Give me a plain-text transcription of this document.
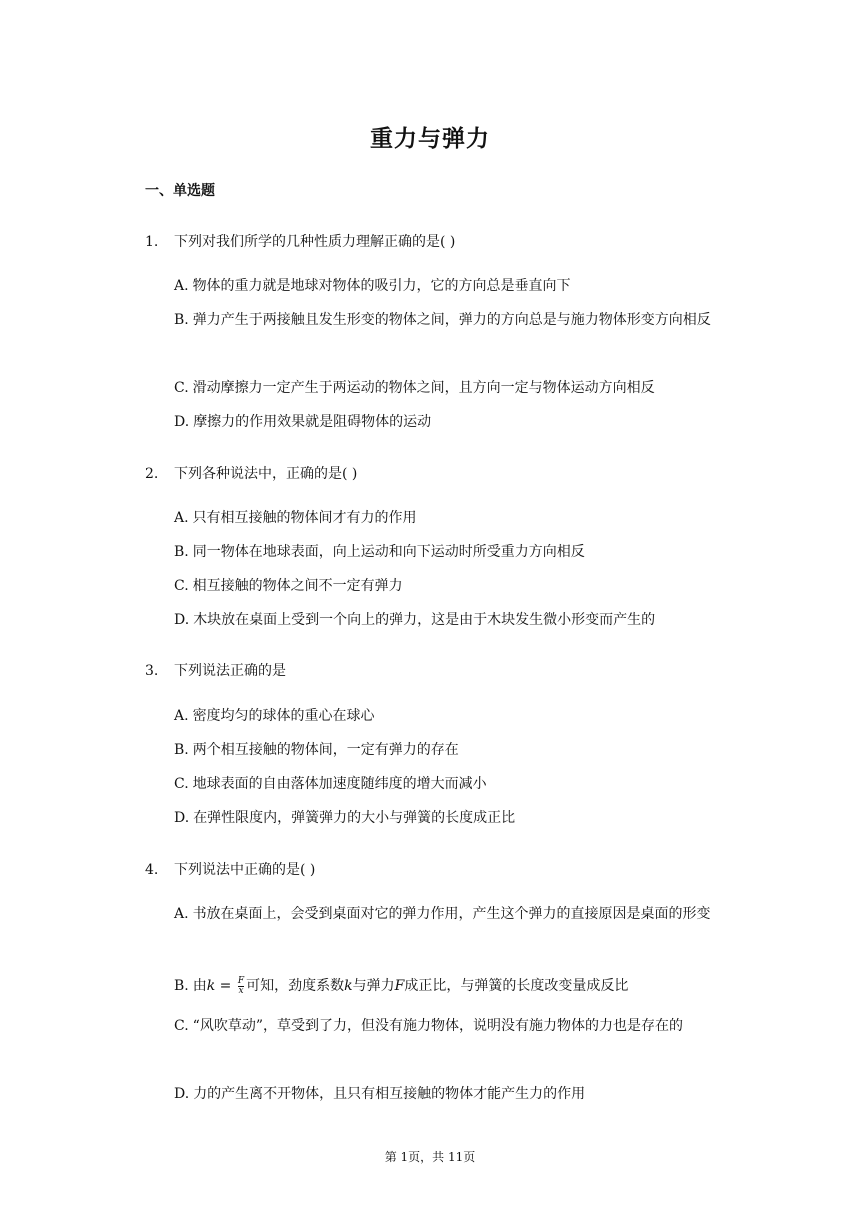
重力与弹力
一、单选题
1. 下列对我们所学的几种性质力理解正确的是( )
A. 物体的重力就是地球对物体的吸引力，它的方向总是垂直向下
B. 弹力产生于两接触且发生形变的物体之间，弹力的方向总是与施力物体形变方向相反
C. 滑动摩擦力一定产生于两运动的物体之间，且方向一定与物体运动方向相反
D. 摩擦力的作用效果就是阻碍物体的运动
2. 下列各种说法中，正确的是( )
A. 只有相互接触的物体间才有力的作用
B. 同一物体在地球表面，向上运动和向下运动时所受重力方向相反
C. 相互接触的物体之间不一定有弹力
D. 木块放在桌面上受到一个向上的弹力，这是由于木块发生微小形变而产生的
3. 下列说法正确的是
A. 密度均匀的球体的重心在球心
B. 两个相互接触的物体间，一定有弹力的存在
C. 地球表面的自由落体加速度随纬度的增大而减小
D. 在弹性限度内，弹簧弹力的大小与弹簧的长度成正比
4. 下列说法中正确的是( )
A. 书放在桌面上，会受到桌面对它的弹力作用，产生这个弹力的直接原因是桌面的形变
B. 由$k = \frac{F}{x}$ 可知，劲度系数k与弹力F成正比，与弹簧的长度改变量成反比
C. “风吹草动”，草受到了力，但没有施力物体，说明没有施力物体的力也是存在的
D. 力的产生离不开物体，且只有相互接触的物体才能产生力的作用
第 1页，共 11页
